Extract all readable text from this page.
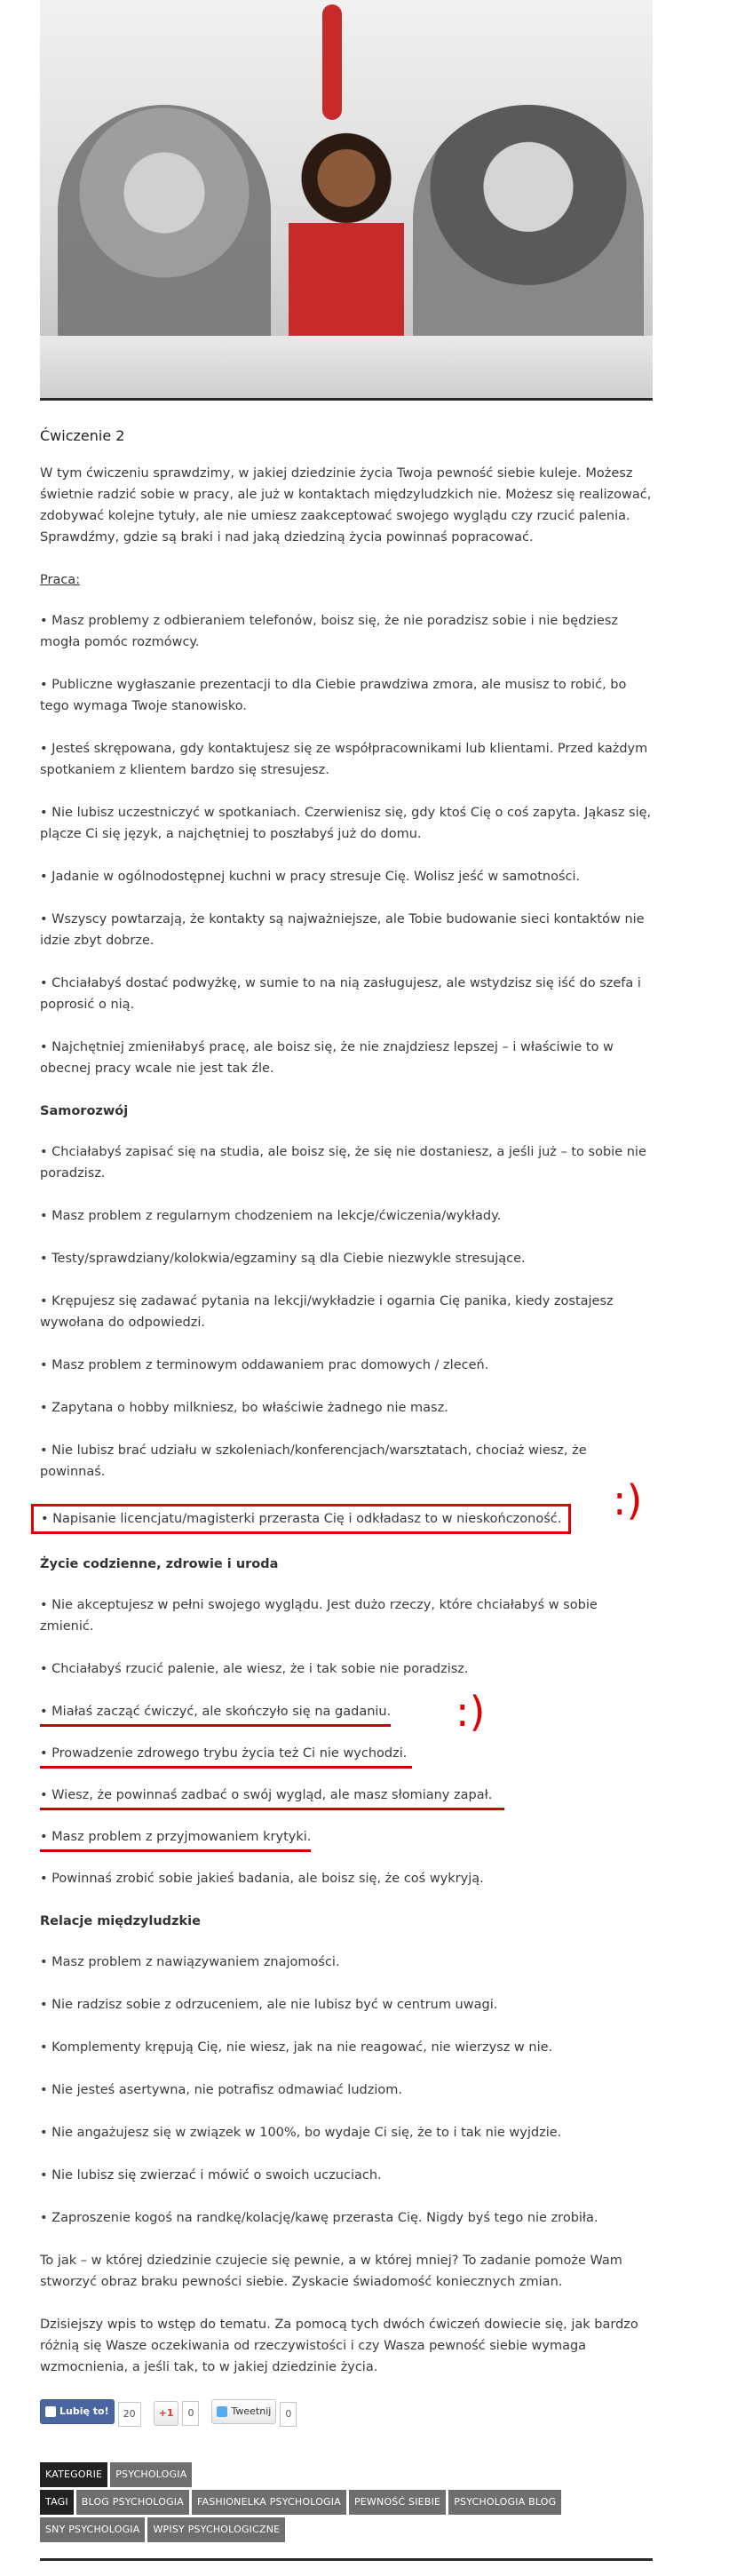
Ćwiczenie 2
W tym ćwiczeniu sprawdzimy, w jakiej dziedzinie życia Twoja pewność siebie kuleje. Możesz świetnie radzić sobie w pracy, ale już w kontaktach międzyludzkich nie. Możesz się realizować, zdobywać kolejne tytuły, ale nie umiesz zaakceptować swojego wyglądu czy rzucić palenia. Sprawdźmy, gdzie są braki i nad jaką dziedziną życia powinnaś popracować.
Praca:
• Masz problemy z odbieraniem telefonów, boisz się, że nie poradzisz sobie i nie będziesz mogła pomóc rozmówcy.
• Publiczne wygłaszanie prezentacji to dla Ciebie prawdziwa zmora, ale musisz to robić, bo tego wymaga Twoje stanowisko.
• Jesteś skrępowana, gdy kontaktujesz się ze współpracownikami lub klientami. Przed każdym spotkaniem z klientem bardzo się stresujesz.
• Nie lubisz uczestniczyć w spotkaniach. Czerwienisz się, gdy ktoś Cię o coś zapyta. Jąkasz się, plącze Ci się język, a najchętniej to poszłabyś już do domu.
• Jadanie w ogólnodostępnej kuchni w pracy stresuje Cię. Wolisz jeść w samotności.
• Wszyscy powtarzają, że kontakty są najważniejsze, ale Tobie budowanie sieci kontaktów nie idzie zbyt dobrze.
• Chciałabyś dostać podwyżkę, w sumie to na nią zasługujesz, ale wstydzisz się iść do szefa i poprosić o nią.
• Najchętniej zmieniłabyś pracę, ale boisz się, że nie znajdziesz lepszej – i właściwie to w obecnej pracy wcale nie jest tak źle.
Samorozwój
• Chciałabyś zapisać się na studia, ale boisz się, że się nie dostaniesz, a jeśli już – to sobie nie poradzisz.
• Masz problem z regularnym chodzeniem na lekcje/ćwiczenia/wykłady.
• Testy/sprawdziany/kolokwia/egzaminy są dla Ciebie niezwykle stresujące.
• Krępujesz się zadawać pytania na lekcji/wykładzie i ogarnia Cię panika, kiedy zostajesz wywołana do odpowiedzi.
• Masz problem z terminowym oddawaniem prac domowych / zleceń.
• Zapytana o hobby milkniesz, bo właściwie żadnego nie masz.
• Nie lubisz brać udziału w szkoleniach/konferencjach/warsztatach, chociaż wiesz, że powinnaś.
• Napisanie licencjatu/magisterki przerasta Cię i odkładasz to w nieskończoność. :)
Życie codzienne, zdrowie i uroda
• Nie akceptujesz w pełni swojego wyglądu. Jest dużo rzeczy, które chciałabyś w sobie zmienić.
• Chciałabyś rzucić palenie, ale wiesz, że i tak sobie nie poradzisz.
• Miałaś zacząć ćwiczyć, ale skończyło się na gadaniu.
• Prowadzenie zdrowego trybu życia też Ci nie wychodzi.
• Wiesz, że powinnaś zadbać o swój wygląd, ale masz słomiany zapał.
• Masz problem z przyjmowaniem krytyki.
:)
• Powinnaś zrobić sobie jakieś badania, ale boisz się, że coś wykryją.
Relacje międzyludzkie
• Masz problem z nawiązywaniem znajomości.
• Nie radzisz sobie z odrzuceniem, ale nie lubisz być w centrum uwagi.
• Komplementy krępują Cię, nie wiesz, jak na nie reagować, nie wierzysz w nie.
• Nie jesteś asertywna, nie potrafisz odmawiać ludziom.
• Nie angażujesz się w związek w 100%, bo wydaje Ci się, że to i tak nie wyjdzie.
• Nie lubisz się zwierzać i mówić o swoich uczuciach.
• Zaproszenie kogoś na randkę/kolację/kawę przerasta Cię. Nigdy byś tego nie zrobiła.
To jak – w której dziedzinie czujecie się pewnie, a w której mniej? To zadanie pomoże Wam stworzyć obraz braku pewności siebie. Zyskacie świadomość koniecznych zmian.
Dzisiejszy wpis to wstęp do tematu. Za pomocą tych dwóch ćwiczeń dowiecie się, jak bardzo różnią się Wasze oczekiwania od rzeczywistości i czy Wasza pewność siebie wymaga wzmocnienia, a jeśli tak, to w jakiej dziedzinie życia.
Lubię to! 20	+1 0	Tweetnij 0
KATEGORIE	PSYCHOLOGIA
TAGI	BLOG PSYCHOLOGIA	FASHIONELKA PSYCHOLOGIA	PEWNOŚĆ SIEBIE	PSYCHOLOGIA BLOG
SNY PSYCHOLOGIA	WPISY PSYCHOLOGICZNE
